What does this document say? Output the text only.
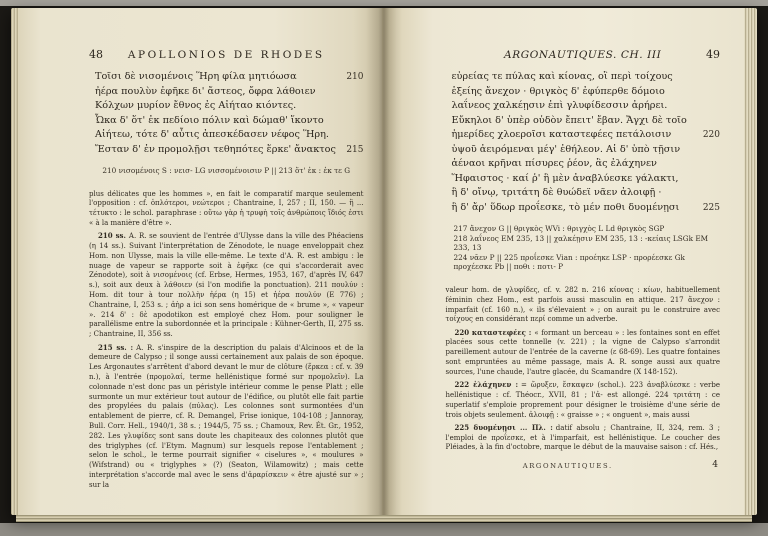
48 APOLLONIOS DE RHODES
Τοῖσι δὲ νισομένοις Ἥρη φίλα μητιόωσα	210
ἠέρα πουλὺν ἐφῆκε δι' ἄστεος, ὄφρα λάθοιεν
Κόλχων μυρίον ἔθνος ἐς Αἰήταο κιόντες.
Ὦκα δ' ὅτ' ἐκ πεδίοιο πόλιν καὶ δώμαθ' ἵκοντο
Αἰήτεω, τότε δ' αὖτις ἀπεσκέδασεν νέφος Ἥρη.
Ἔσταν δ' ἐν προμολῇσι τεθηπότες ἕρκε' ἄνακτος	215
210 νισομένοις S : νεισ- LG νισσομένοισιν P || 213 ὅτ' ἐκ : ἐκ τε G

plus délicates que les hommes », en fait le comparatif marque seulement l'opposition : cf. ὁπλότεροι, νεώτεροι ; Chantraine, I, 257 ; II, 150. — ἣ ... τέτυκτο : le schol. paraphrase : οὕτω γὰρ ἡ τρυφὴ τοῖς ἀνθρώποις ἴδιός ἐστι « à la manière d'être ».

210 ss. A. R. se souvient de l'entrée d'Ulysse dans la ville des Phéaciens (η 14 ss.). Suivant l'interprétation de Zénodote, le nuage enveloppait chez Hom. non Ulysse, mais la ville elle-même. Le texte d'A. R. est ambigu : le nuage de vapeur se rapporte soit à ἐφῆκε (ce qui s'accorderait avec Zénodote), soit à νισομένοις (cf. Erbse, Hermes, 1953, 167, d'après IV, 647 s.), soit aux deux à λάθοιεν (si l'on modifie la ponctuation). 211 πουλύν : Hom. dit tour à tour πολλὴν ἠέρα (η 15) et ἠέρα πουλύν (Ε 776) ; Chantraine, I, 253 s. ; ἀὴρ a ici son sens homérique de « brume », « vapeur ». 214 δ' : δὲ apodotikon est employé chez Hom. pour souligner le parallélisme entre la subordonnée et la principale : Kühner-Gerth, II, 275 ss. ; Chantraine, II, 356 ss.

215 ss. : A. R. s'inspire de la description du palais d'Alcinoos et de la demeure de Calypso ; il songe aussi certainement aux palais de son époque. Les Argonautes s'arrêtent d'abord devant le mur de clôture (ἕρκεα : cf. v. 39 n.), à l'entrée (προμολαί, terme hellénistique formé sur προμολεῖν). La colonnade n'est donc pas un péristyle intérieur comme le pense Platt ; elle surmonte un mur extérieur tout autour de l'édifice, ou plutôt elle fait partie des propylées du palais (πύλας). Les colonnes sont surmontées d'un entablement de pierre, cf. R. Demangel, Frise ionique, 104-108 ; Jannoray, Bull. Corr. Hell., 1940/1, 38 s. ; 1944/5, 75 ss. ; Chamoux, Rev. Ét. Gr., 1952, 282. Les γλυφίδες sont sans doute les chapiteaux des colonnes plutôt que des triglyphes (cf. l'Etym. Magnum) sur lesquels repose l'entablement ; selon le schol., le terme pourrait signifier « ciselures », « moulures » (Wifstrand) ou « triglyphes » (?) (Seaton, Wilamowitz) ; mais cette interprétation s'accorde mal avec le sens d'ἀραρίσκειν « être ajusté sur » ; sur la

ARGONAUTIQUES. CH. III	49
εὐρείας τε πύλας καὶ κίονας, οἳ περὶ τοίχους
ἑξείης ἄνεχον · θριγκὸς δ' ἐφύπερθε δόμοιο
λαΐνεος χαλκέῃσιν ἐπὶ γλυφίδεσσιν ἀρήρει.
Εὔκηλοι δ' ὑπὲρ οὐδὸν ἔπειτ' ἔβαν. Ἄγχι δὲ τοῖο
ἡμερίδες χλοεροῖσι καταστεφέες πετάλοισιν	220
ὑψοῦ ἀειρόμεναι μέγ' ἐθήλεον. Αἱ δ' ὑπὸ τῇσιν
ἀέναοι κρῆναι πίσυρες ῥέον, ἃς ἐλάχηνεν
Ἥφαιστος · καί ῥ' ἣ μὲν ἀναβλύεσκε γάλακτι,
ἣ δ' οἴνῳ, τριτάτη δὲ θυώδεϊ νᾶεν ἀλοιφῇ ·
ἣ δ' ἄρ' ὕδωρ προΐεσκε, τὸ μέν ποθι δυομένῃσι	225
217 ἄνεχον G || θριγκὸς WVi : θριγχὸς L Ld θριγκὸς SGP
218 λαΐνεος EM 235, 13 || χαλκέῃσιν EM 235, 13 : -κείαις LSGk EM 233, 13
224 νᾶεν P || 225 προΐεσκε Vian : προέηκε LSP · προρέεσκε Gk προχέεσκε Pb || ποθι : ποτι- P

valeur hom. de γλυφίδες, cf. v. 282 n. 216 κίονας : κίων, habituellement féminin chez Hom., est parfois aussi masculin en attique. 217 ἄνεχον : imparfait (cf. 160 n.), « ils s'élevaient » ; on aurait pu le construire avec τοίχους en considérant περί comme un adverbe.

220 καταστεφέες : « formant un berceau » : les fontaines sont en effet placées sous cette tonnelle (v. 221) ; la vigne de Calypso s'arrondit pareillement autour de l'entrée de la caverne (ε 68-69). Les quatre fontaines sont empruntées au même passage, mais A. R. songe aussi aux quatre sources, l'une chaude, l'autre glacée, du Scamandre (X 148-152).

222 ἐλάχηνεν : = ὤρυξεν, ἔσκαψεν (schol.). 223 ἀναβλύεσκε : verbe hellénistique : cf. Théocr., XVII, 81 ; l'ἀ- est allongé. 224 τριτάτη : ce superlatif s'emploie proprement pour désigner le troisième d'une série de trois objets seulement. ἀλοιφῇ : « graisse » ; « onguent », mais aussi

225 δυομένῃσι ... Πλ. : datif absolu ; Chantraine, II, 324, rem. 3 ; l'emploi de προΐεσκε, et à l'imparfait, est hellénistique. Le coucher des Pléiades, à la fin d'octobre, marque le début de la mauvaise saison : cf. Hés.,

ARGONAUTIQUES.	4
